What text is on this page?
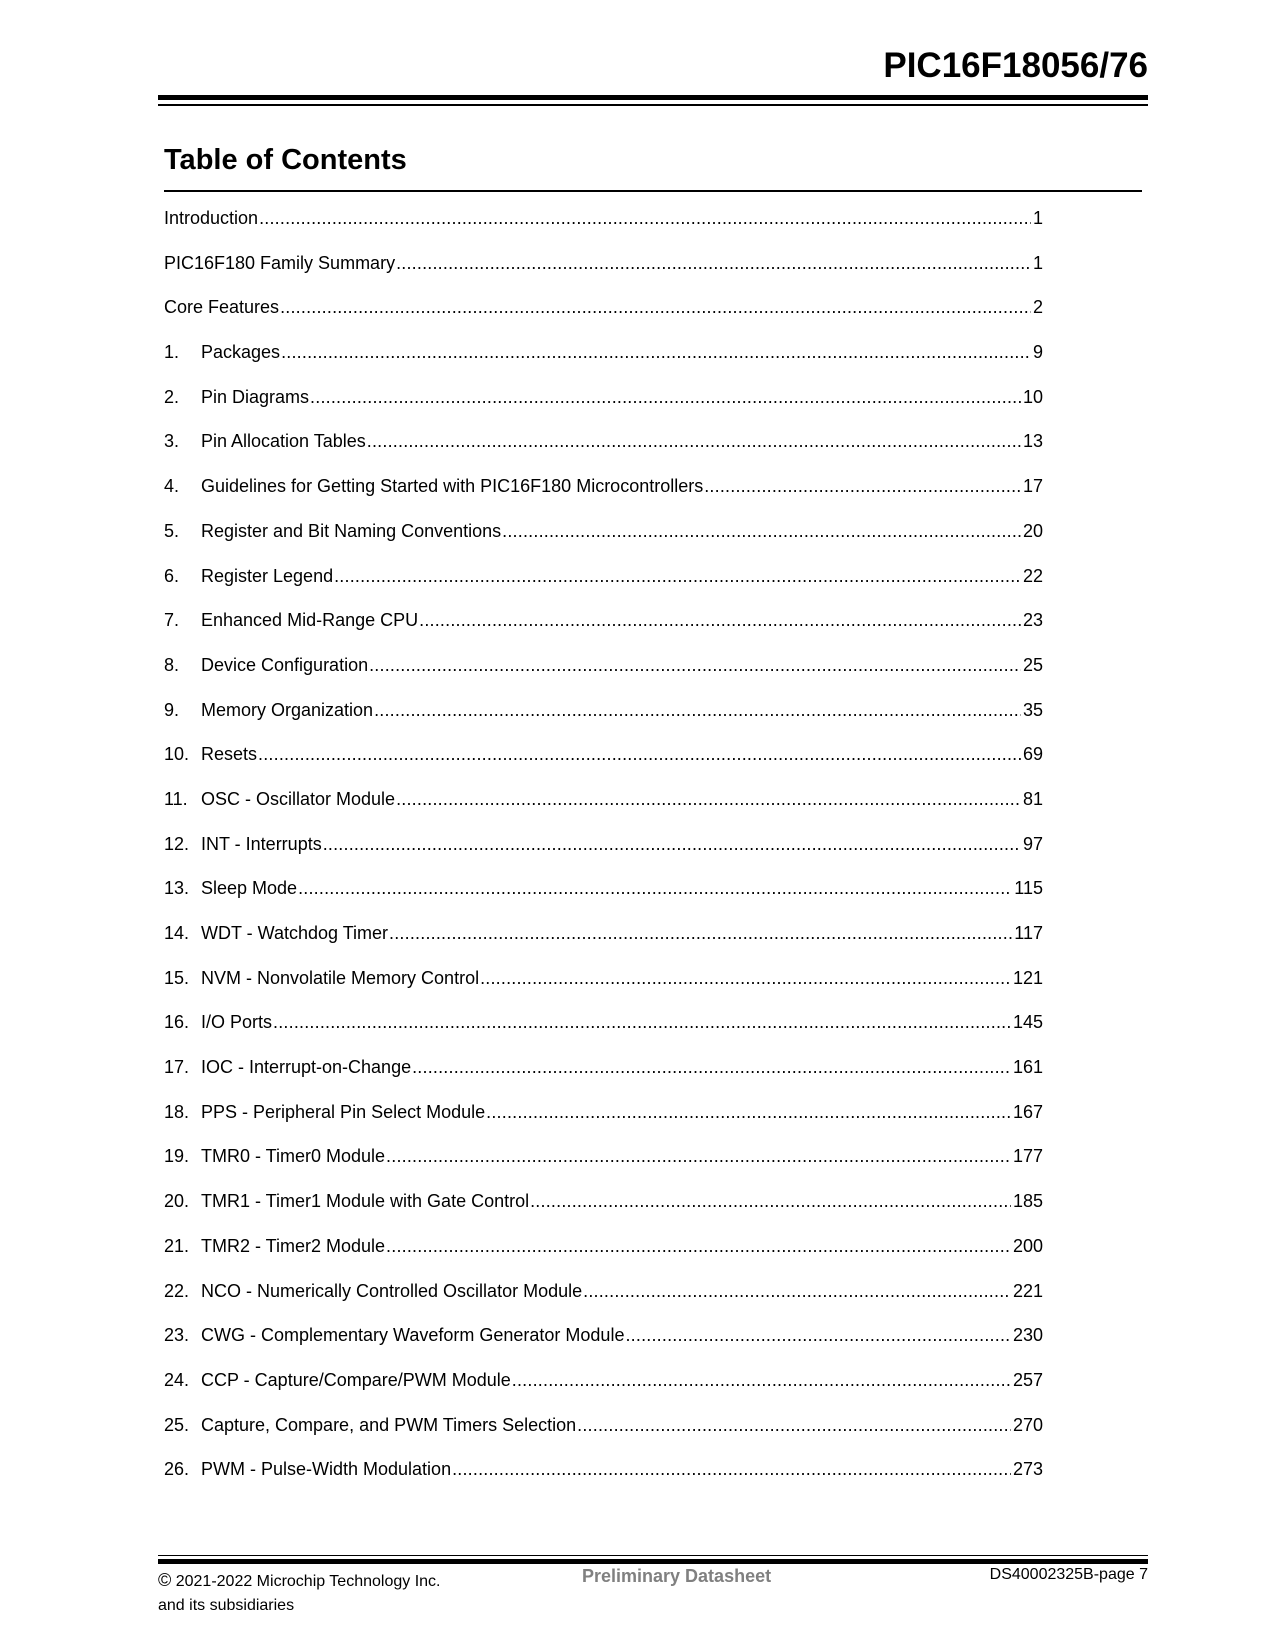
PIC16F18056/76
Table of Contents
Introduction .....	1
PIC16F180 Family Summary .....	1
Core Features .....	2
1.	Packages .....	9
2.	Pin Diagrams .....	10
3.	Pin Allocation Tables .....	13
4.	Guidelines for Getting Started with PIC16F180 Microcontrollers .....	17
5.	Register and Bit Naming Conventions .....	20
6.	Register Legend .....	22
7.	Enhanced Mid-Range CPU .....	23
8.	Device Configuration .....	25
9.	Memory Organization .....	35
10. Resets .....	69
11. OSC - Oscillator Module .....	81
12. INT - Interrupts .....	97
13. Sleep Mode .....	115
14. WDT - Watchdog Timer .....	117
15. NVM - Nonvolatile Memory Control .....	121
16. I/O Ports .....	145
17. IOC - Interrupt-on-Change .....	161
18. PPS - Peripheral Pin Select Module .....	167
19. TMR0 - Timer0 Module .....	177
20. TMR1 - Timer1 Module with Gate Control .....	185
21. TMR2 - Timer2 Module .....	200
22. NCO - Numerically Controlled Oscillator Module .....	221
23. CWG - Complementary Waveform Generator Module .....	230
24. CCP - Capture/Compare/PWM Module .....	257
25. Capture, Compare, and PWM Timers Selection .....	270
26. PWM - Pulse-Width Modulation .....	273
© 2021-2022 Microchip Technology Inc.
and its subsidiaries
Preliminary Datasheet	DS40002325B-page 7
